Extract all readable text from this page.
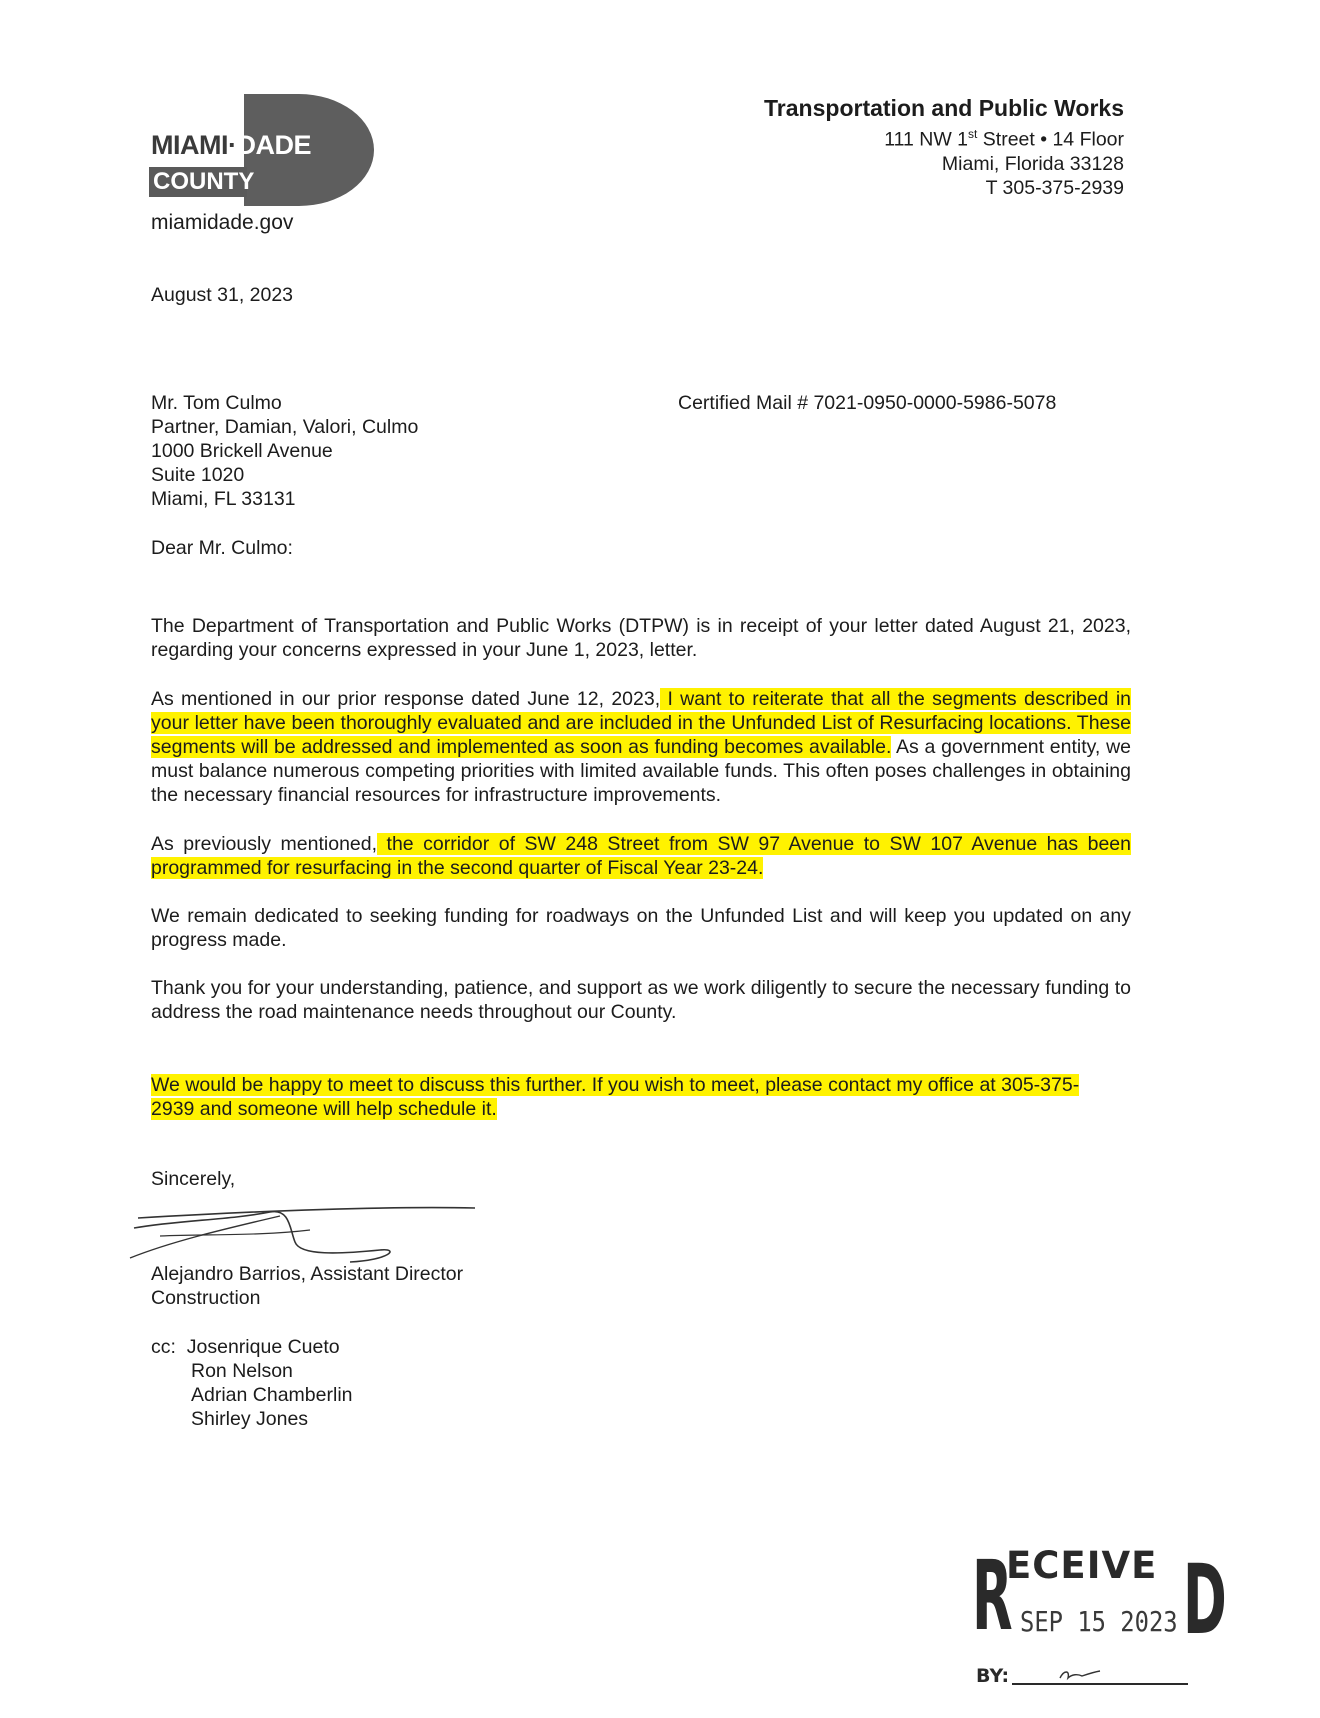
MIAMI·DADE
COUNTY
miamidade.gov
Transportation and Public Works
111 NW 1st Street • 14 Floor
Miami, Florida 33128
T 305-375-2939
August 31, 2023
Mr. Tom Culmo
Partner, Damian, Valori, Culmo
1000 Brickell Avenue
Suite 1020
Miami, FL 33131
Certified Mail # 7021-0950-0000-5986-5078
Dear Mr. Culmo:
The Department of Transportation and Public Works (DTPW) is in receipt of your letter dated August 21, 2023, regarding your concerns expressed in your June 1, 2023, letter.
As mentioned in our prior response dated June 12, 2023, I want to reiterate that all the segments described in your letter have been thoroughly evaluated and are included in the Unfunded List of Resurfacing locations. These segments will be addressed and implemented as soon as funding becomes available. As a government entity, we must balance numerous competing priorities with limited available funds. This often poses challenges in obtaining the necessary financial resources for infrastructure improvements.
As previously mentioned, the corridor of SW 248 Street from SW 97 Avenue to SW 107 Avenue has been programmed for resurfacing in the second quarter of Fiscal Year 23-24.
We remain dedicated to seeking funding for roadways on the Unfunded List and will keep you updated on any progress made.
Thank you for your understanding, patience, and support as we work diligently to secure the necessary funding to address the road maintenance needs throughout our County.
We would be happy to meet to discuss this further. If you wish to meet, please contact my office at 305-375-2939 and someone will help schedule it.
Sincerely,
Alejandro Barrios, Assistant Director
Construction
cc: Josenrique Cueto
Ron Nelson
Adrian Chamberlin
Shirley Jones
R
ECEIVE D
SEP 15 2023
BY:
